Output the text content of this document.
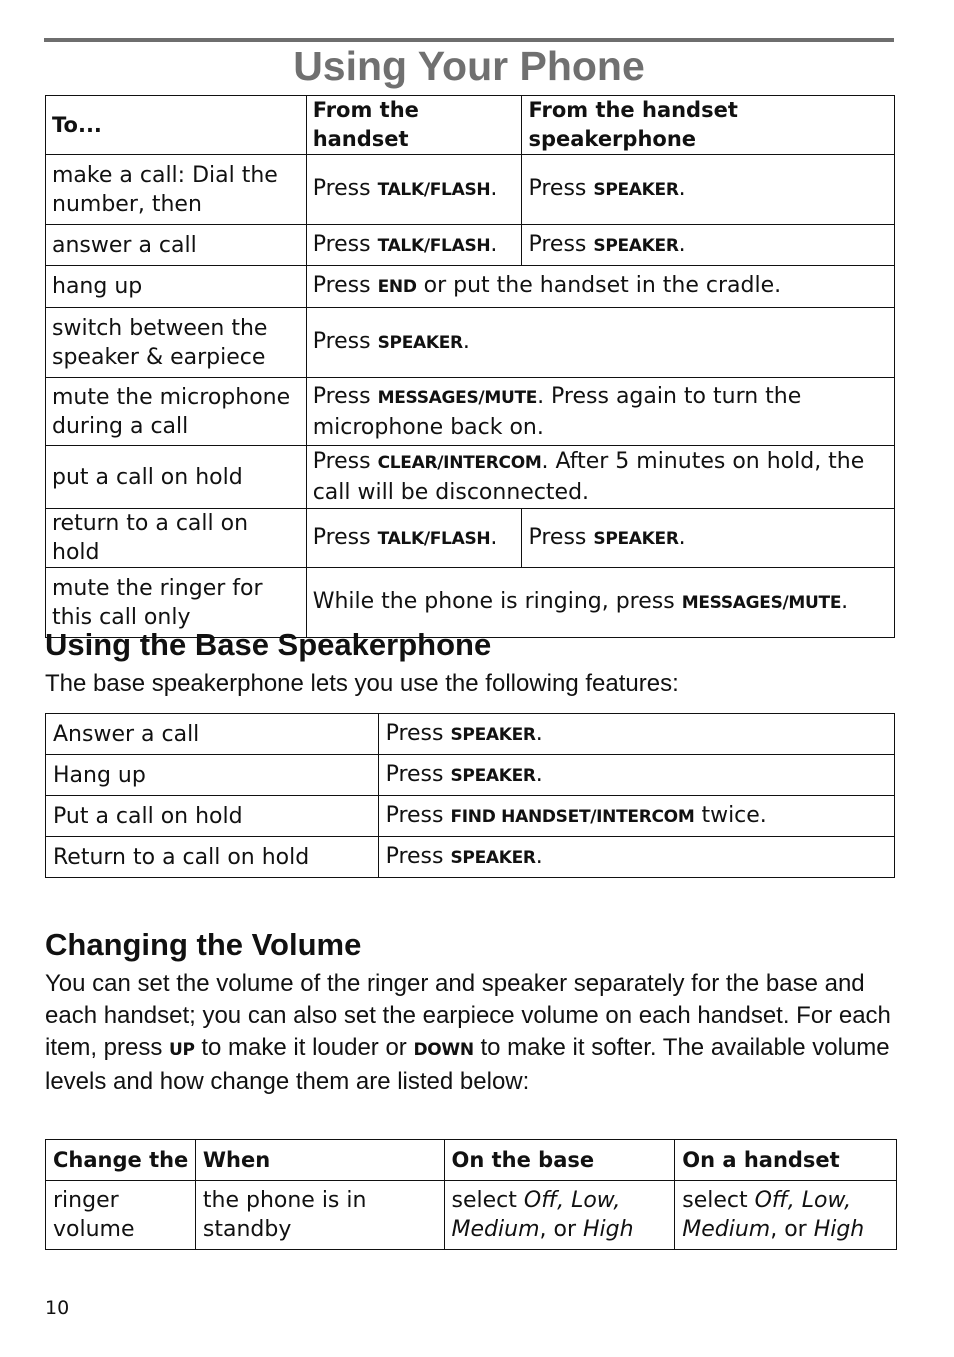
Using Your Phone
To...	From the handset	From the handset speakerphone
make a call: Dial the number, then	Press TALK/FLASH.	Press SPEAKER.
answer a call	Press TALK/FLASH.	Press SPEAKER.
hang up	Press END or put the handset in the cradle.	
switch between the speaker & earpiece	Press SPEAKER.	
mute the microphone during a call	Press MESSAGES/MUTE. Press again to turn the microphone back on.	
put a call on hold	Press CLEAR/INTERCOM. After 5 minutes on hold, the call will be disconnected.	
return to a call on hold	Press TALK/FLASH.	Press SPEAKER.
mute the ringer for this call only	While the phone is ringing, press MESSAGES/MUTE.	
Using the Base Speakerphone

The base speakerphone lets you use the following features:

Answer a call	Press SPEAKER.
Hang up	Press SPEAKER.
Put a call on hold	Press FIND HANDSET/INTERCOM twice.
Return to a call on hold	Press SPEAKER.
Changing the Volume

You can set the volume of the ringer and speaker separately for the base and each handset; you can also set the earpiece volume on each handset. For each item, press UP to make it louder or DOWN to make it softer. The available volume levels and how change them are listed below:

Change the	When	On the base	On a handset
ringer volume	the phone is in standby	select Off, Low, Medium, or High	select Off, Low, Medium, or High
10
